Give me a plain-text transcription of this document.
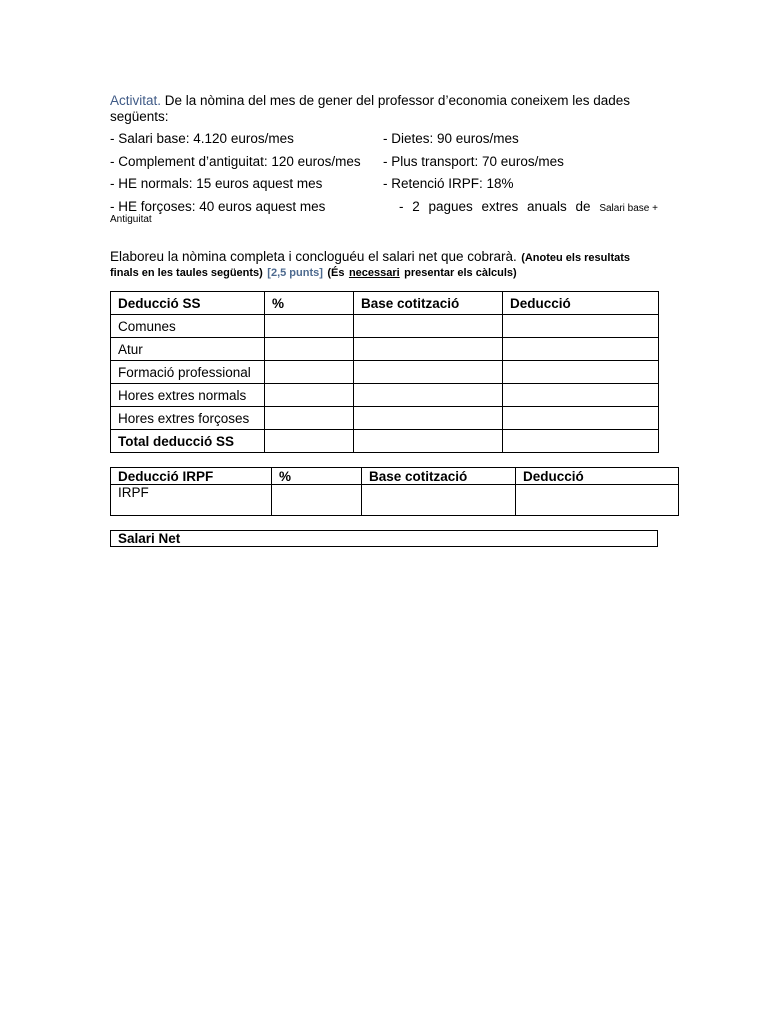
Activitat. De la nòmina del mes de gener del professor d’economia coneixem les dades següents:
- Salari base: 4.120 euros/mes	- Dietes: 90 euros/mes
- Complement d’antiguitat: 120 euros/mes - Plus transport: 70 euros/mes
- HE normals: 15 euros aquest mes	- Retenció IRPF: 18%
- HE forçoses: 40 euros aquest mes	- 2 pagues extres anuals de Salari base +
Antiguitat
Elaboreu la nòmina completa i concloguéu el salari net que cobrarà. (Anoteu els resultats finals en les taules següents) [2,5 punts] (És necessari presentar els càlculs)
Deducció SS	%	Base cotització	Deducció
Comunes			
Atur			
Formació professional			
Hores extres normals			
Hores extres forçoses			
Total deducció SS			
Deducció IRPF	%	Base cotització	Deducció
IRPF			
Salari Net
